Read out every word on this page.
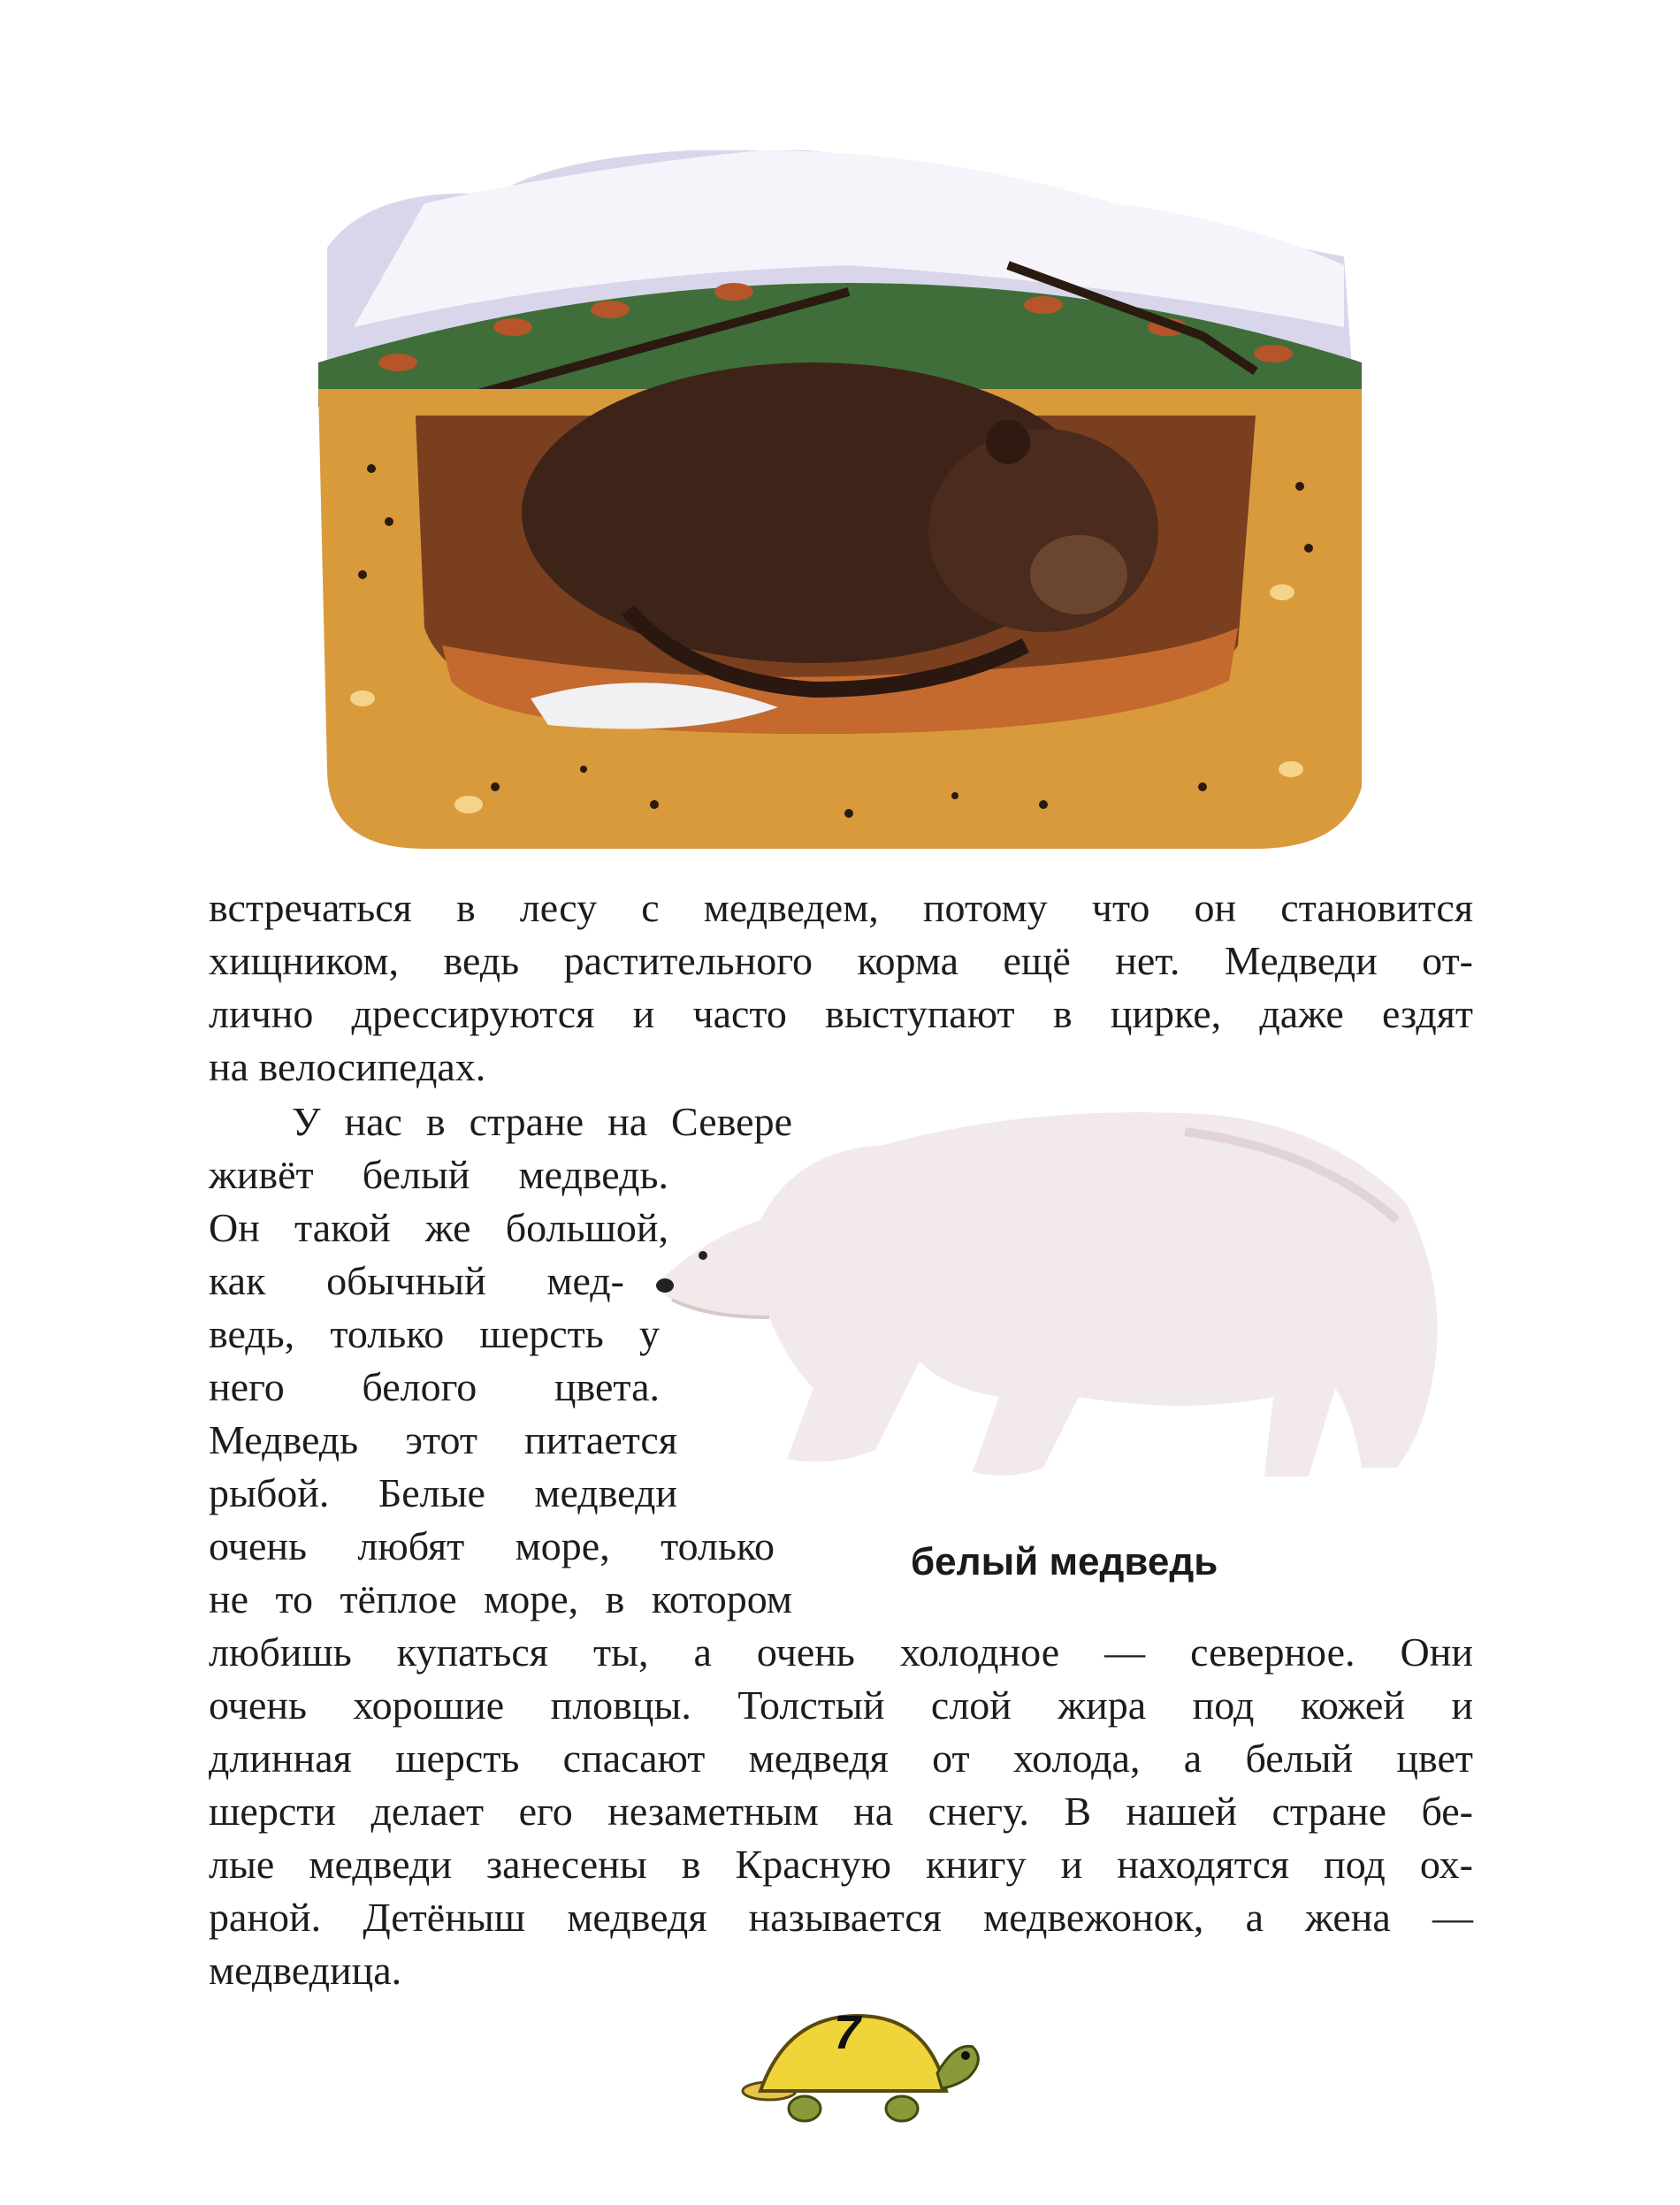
встречаться в лесу с медведем, потому что он становится
хищником, ведь растительного корма ещё нет. Медведи от-
лично дрессируются и часто выступают в цирке, даже ездят
на велосипедах.
У нас в стране на Севере
живёт белый медведь.
Он такой же большой,
как обычный мед-
ведь, только шерсть у
него белого цвета.
Медведь этот питается
рыбой. Белые медведи
очень любят море, только
не то тёплое море, в котором
любишь купаться ты, а очень холодное — северное. Они
очень хорошие пловцы. Толстый слой жира под кожей и
длинная шерсть спасают медведя от холода, а белый цвет
шерсти делает его незаметным на снегу. В нашей стране бе-
лые медведи занесены в Красную книгу и находятся под ох-
раной. Детёныш медведя называется медвежонок, а жена —
медведица.
белый медведь
7
